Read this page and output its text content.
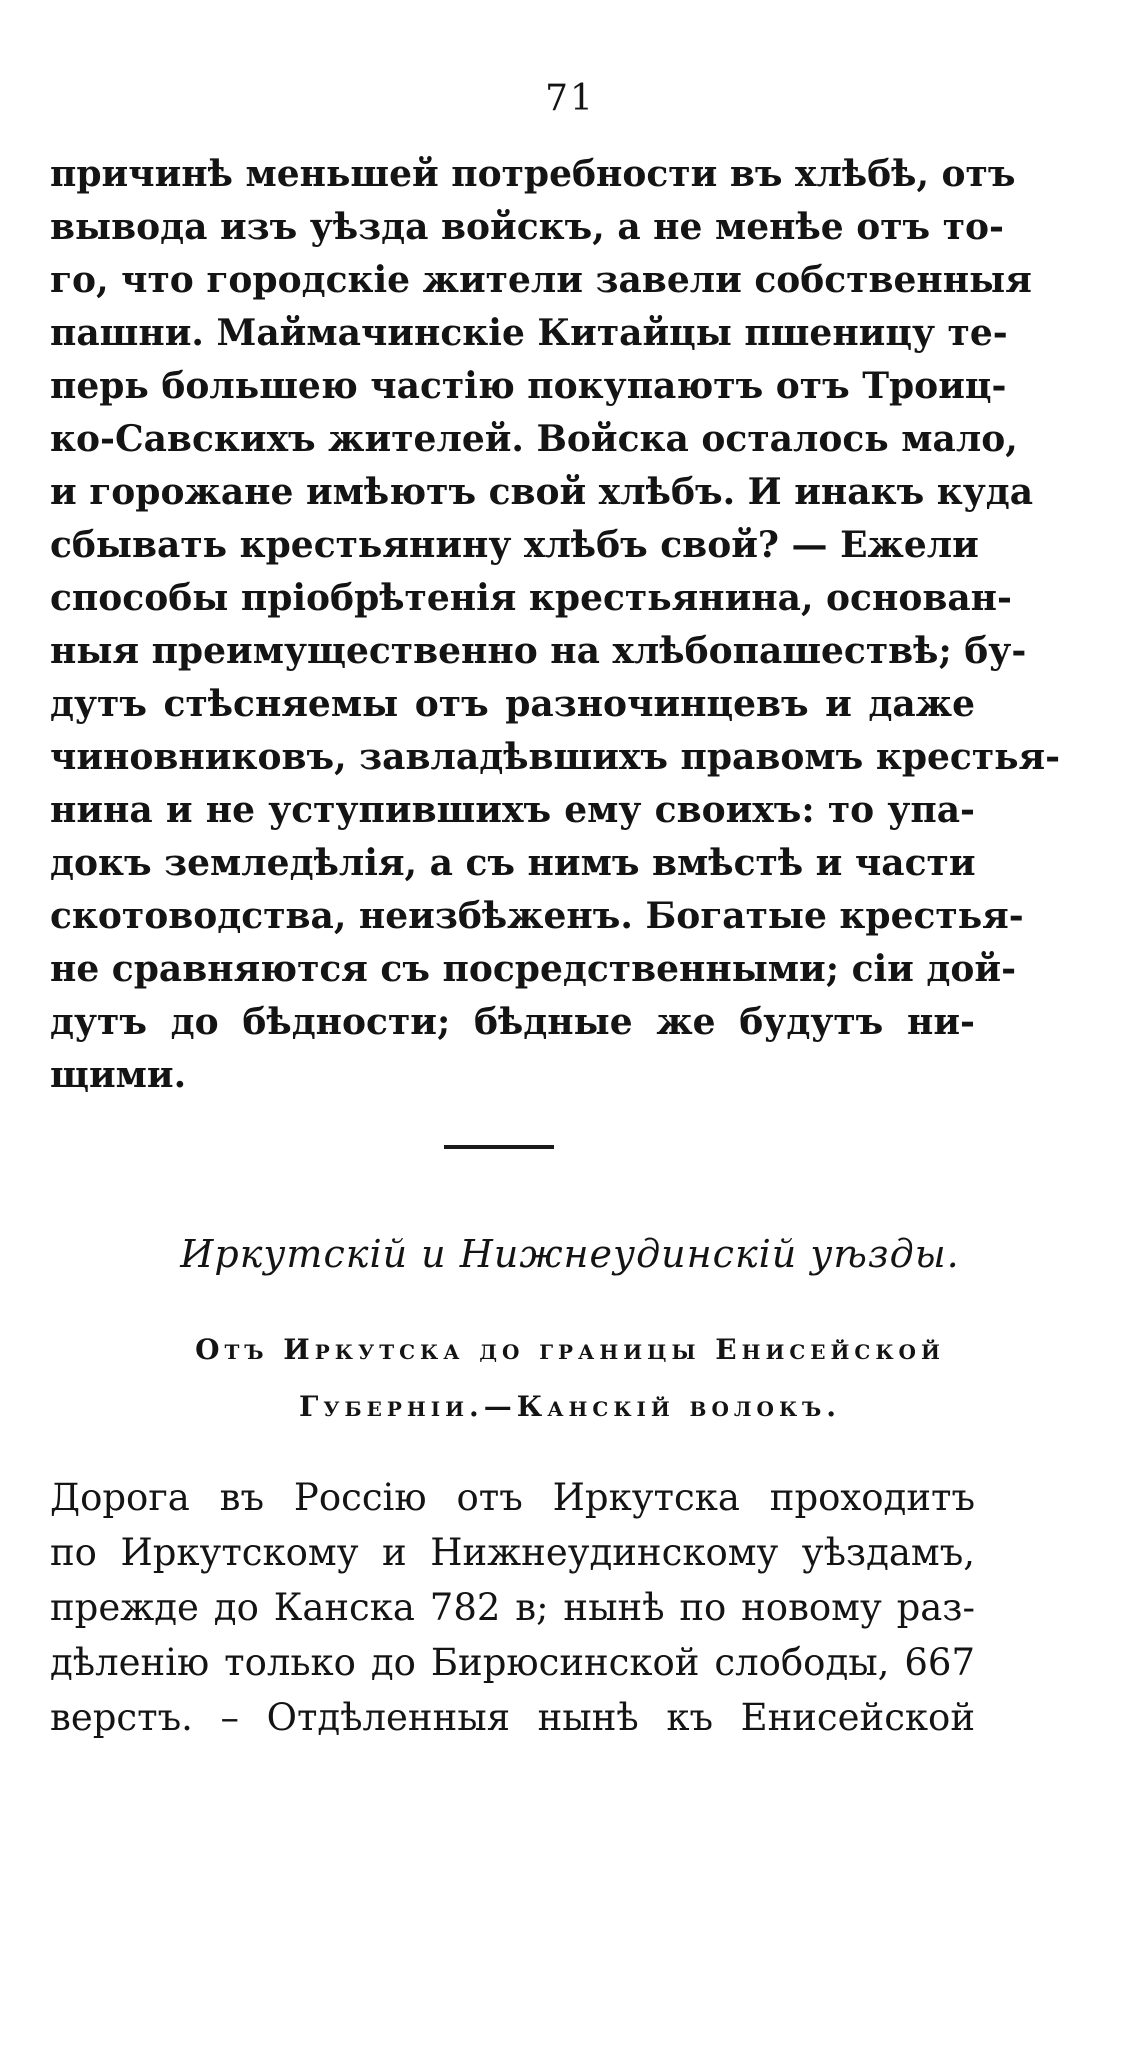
71
причинѣ меньшей потребности въ хлѣбѣ, отъ
вывода изъ уѣзда войскъ, а не менѣе отъ то-
го, что городскіе жители завели собственныя
пашни. Маймачинскіе Китайцы пшеницу те-
перь большею частію покупаютъ отъ Троиц-
ко-Савскихъ жителей. Войска осталось мало,
и горожане имѣютъ свой хлѣбъ. И инакъ куда
сбывать крестьянину хлѣбъ свой? — Ежели
способы пріобрѣтенія крестьянина, основан-
ныя преимущественно на хлѣбопашествѣ; бу-
дутъ стѣсняемы отъ разночинцевъ и даже
чиновниковъ, завладѣвшихъ правомъ крестья-
нина и не уступившихъ ему своихъ: то упа-
докъ земледѣлія, а съ нимъ вмѣстѣ и части
скотоводства, неизбѣженъ. Богатые крестья-
не сравняются съ посредственными; сіи дой-
дутъ до бѣдности; бѣдные же будутъ ни-
щими.
Иркутскій и Нижнеудинскій уѣзды.
Отъ Иркутска до границы Енисейской
Губерніи.—Канскій волокъ.
Дорога въ Россію отъ Иркутска проходитъ
по Иркутскому и Нижнеудинскому уѣздамъ,
прежде до Канска 782 в; нынѣ по новому раз-
дѣленію только до Бирюсинской слободы, 667
верстъ. – Отдѣленныя нынѣ къ Енисейской
